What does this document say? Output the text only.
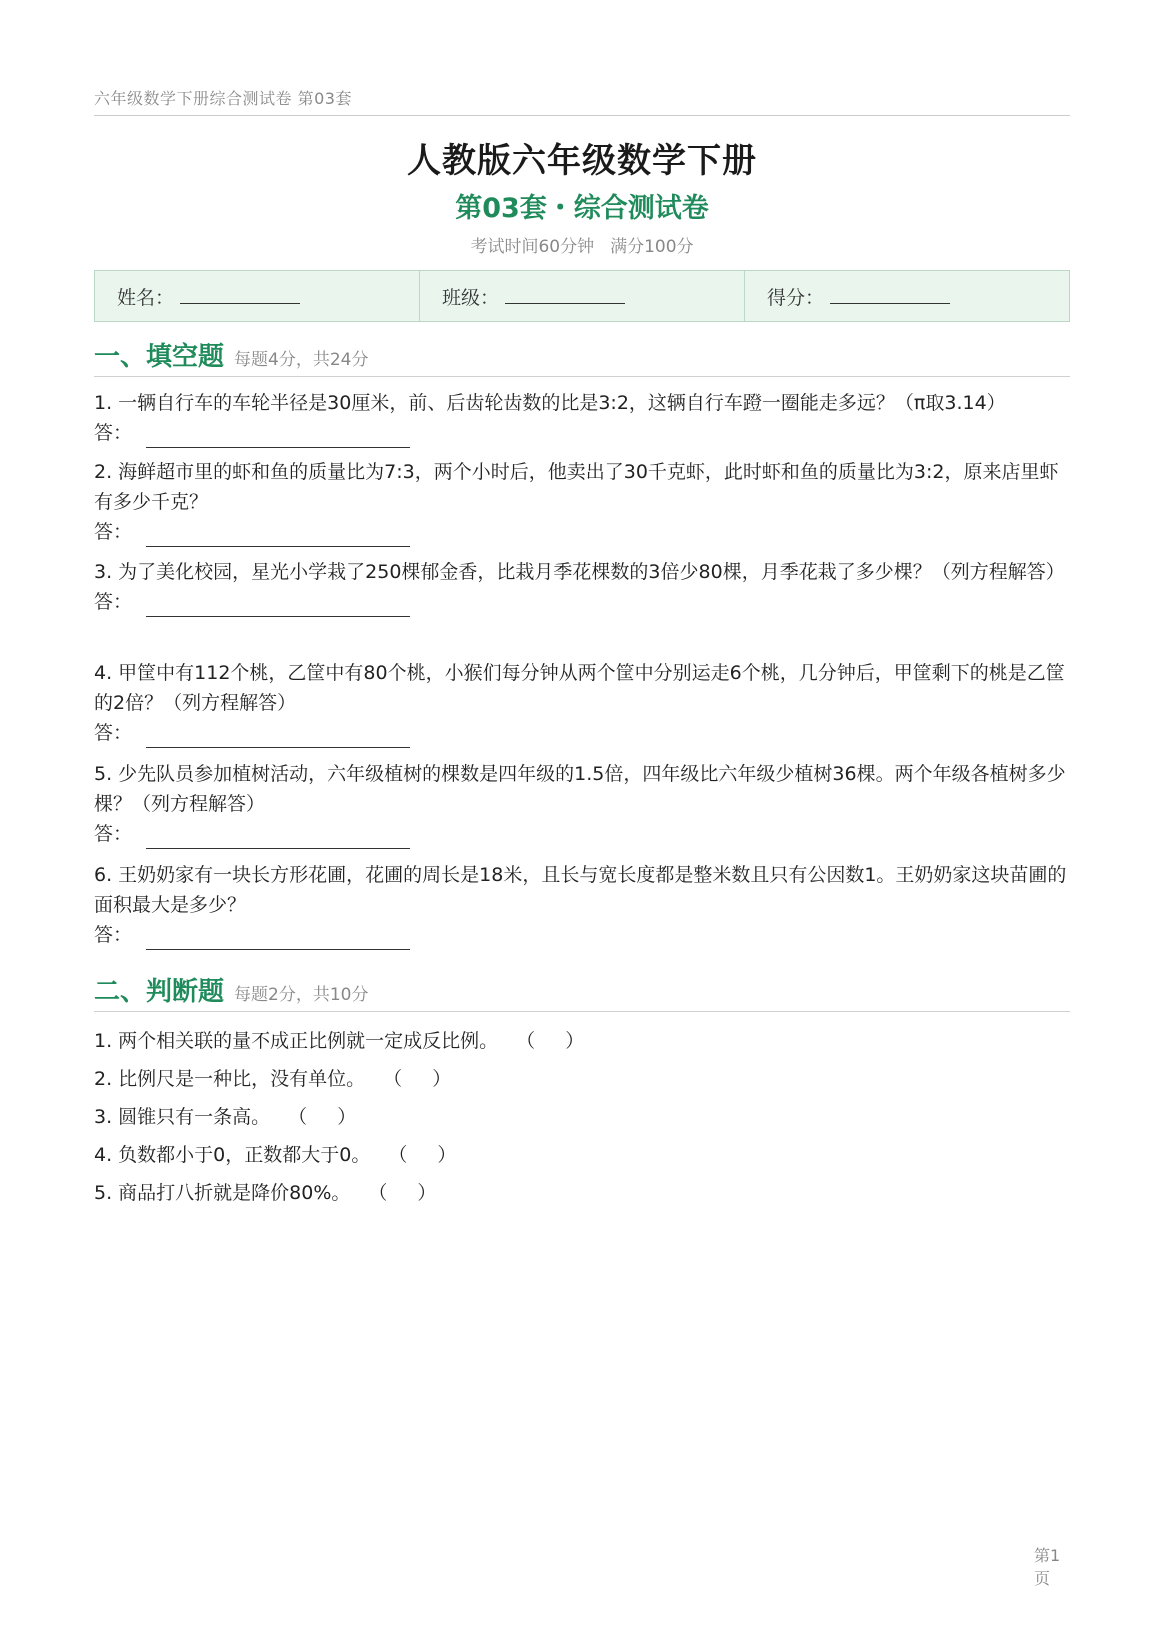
六年级数学下册综合测试卷 第03套
人教版六年级数学下册
第03套・综合测试卷
考试时间60分钟 满分100分
姓名：	班级：	得分：
一、填空题 每题4分，共24分
1. 一辆自行车的车轮半径是30厘米，前、后齿轮齿数的比是3:2，这辆自行车蹬一圈能走多远？（π取3.14）
答：
2. 海鲜超市里的虾和鱼的质量比为7:3，两个小时后，他卖出了30千克虾，此时虾和鱼的质量比为3:2，原来店里虾有多少千克？
答：
3. 为了美化校园，星光小学栽了250棵郁金香，比栽月季花棵数的3倍少80棵，月季花栽了多少棵？（列方程解答）
答：
4. 甲筐中有112个桃，乙筐中有80个桃，小猴们每分钟从两个筐中分别运走6个桃，几分钟后，甲筐剩下的桃是乙筐的2倍？（列方程解答）
答：
5. 少先队员参加植树活动，六年级植树的棵数是四年级的1.5倍，四年级比六年级少植树36棵。两个年级各植树多少棵？（列方程解答）
答：
6. 王奶奶家有一块长方形花圃，花圃的周长是18米，且长与宽长度都是整米数且只有公因数1。王奶奶家这块苗圃的面积最大是多少？
答：
二、判断题 每题2分，共10分
1. 两个相关联的量不成正比例就一定成反比例。 （ ）
2. 比例尺是一种比，没有单位。 （ ）
3. 圆锥只有一条高。 （ ）
4. 负数都小于0，正数都大于0。 （ ）
5. 商品打八折就是降价80%。 （ ）
第1页
